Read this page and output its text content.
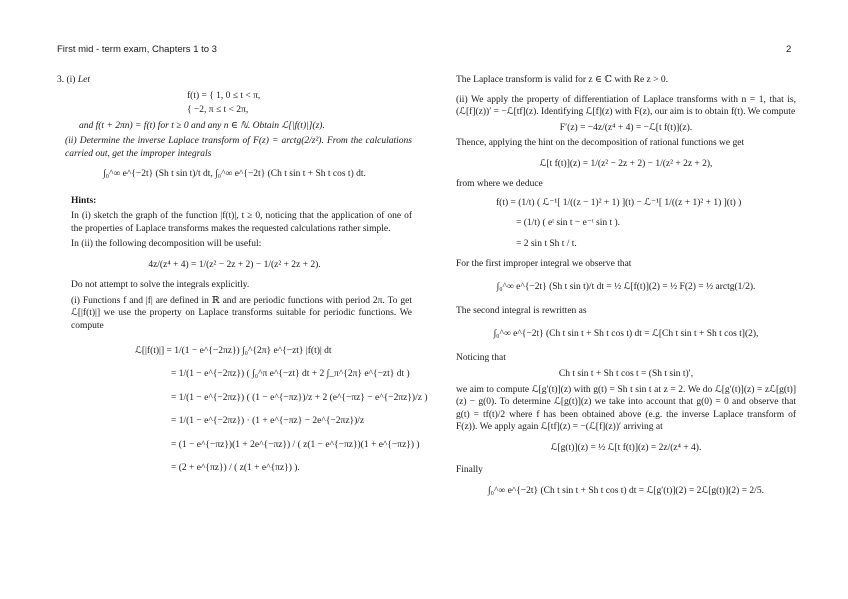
First mid - term exam, Chapters 1 to 3	2
3. (i) Let
f(t) = { 1, 0 ≤ t < π,
{ −2, π ≤ t < 2π,
and f(t + 2πn) = f(t) for t ≥ 0 and any n ∈ ℕ. Obtain ℒ[|f(t)|](z).
(ii) Determine the inverse Laplace transform of F(z) = arctg(2/z²). From the calculations carried out, get the improper integrals
∫₀^∞ e^{−2t} (Sh t sin t)/t dt, ∫₀^∞ e^{−2t} (Ch t sin t + Sh t cos t) dt.
Hints:
In (i) sketch the graph of the function |f(t)|, t ≥ 0, noticing that the application of one of the properties of Laplace transforms makes the requested calculations rather simple.
In (ii) the following decomposition will be useful:
4z/(z⁴ + 4) = 1/(z² − 2z + 2) − 1/(z² + 2z + 2).
Do not attempt to solve the integrals explicitly.
(i) Functions f and |f| are defined in ℝ and are periodic functions with period 2π. To get ℒ[|f(t)|] we use the property on Laplace transforms suitable for periodic functions. We compute
ℒ[|f(t)|] = 1/(1 − e^{−2πz}) ∫₀^{2π} e^{−zt} |f(t)| dt
= 1/(1 − e^{−2πz}) ( ∫₀^π e^{−zt} dt + 2 ∫_π^{2π} e^{−zt} dt )
= 1/(1 − e^{−2πz}) ( (1 − e^{−πz})/z + 2 (e^{−πz} − e^{−2πz})/z )
= 1/(1 − e^{−2πz}) · (1 + e^{−πz} − 2e^{−2πz})/z
= (1 − e^{−πz})(1 + 2e^{−πz}) / ( z(1 − e^{−πz})(1 + e^{−πz}) )
= (2 + e^{πz}) / ( z(1 + e^{πz}) ).
The Laplace transform is valid for z ∈ ℂ with Re z > 0.
(ii) We apply the property of differentiation of Laplace transforms with n = 1, that is, (ℒ[f](z))′ = −ℒ[tf](z). Identifying ℒ[f](z) with F(z), our aim is to obtain f(t). We compute
F′(z) = −4z/(z⁴ + 4) = −ℒ[t f(t)](z).
Thence, applying the hint on the decomposition of rational functions we get
ℒ[t f(t)](z) = 1/(z² − 2z + 2) − 1/(z² + 2z + 2),
from where we deduce
f(t) = (1/t) ( ℒ⁻¹[ 1/((z − 1)² + 1) ](t) − ℒ⁻¹[ 1/((z + 1)² + 1) ](t) )
= (1/t) ( eᵗ sin t − e⁻ᵗ sin t ).
= 2 sin t Sh t / t.
For the first improper integral we observe that
∫₀^∞ e^{−2t} (Sh t sin t)/t dt = ½ ℒ[f(t)](2) = ½ F(2) = ½ arctg(1/2).
The second integral is rewritten as
∫₀^∞ e^{−2t} (Ch t sin t + Sh t cos t) dt = ℒ[Ch t sin t + Sh t cos t](2),
Noticing that
Ch t sin t + Sh t cos t = (Sh t sin t)′,
we aim to compute ℒ[g′(t)](z) with g(t) = Sh t sin t at z = 2. We do ℒ[g′(t)](z) = zℒ[g(t)](z) − g(0). To determine ℒ[g(t)](z) we take into account that g(0) = 0 and observe that g(t) = tf(t)/2 where f has been obtained above (e.g. the inverse Laplace transform of F(z)). We apply again ℒ[tf](z) = −(ℒ[f](z))′ arriving at
ℒ[g(t)](z) = ½ ℒ[t f(t)](z) = 2z/(z⁴ + 4).
Finally
∫₀^∞ e^{−2t} (Ch t sin t + Sh t cos t) dt = ℒ[g′(t)](2) = 2ℒ[g(t)](2) = 2/5.
